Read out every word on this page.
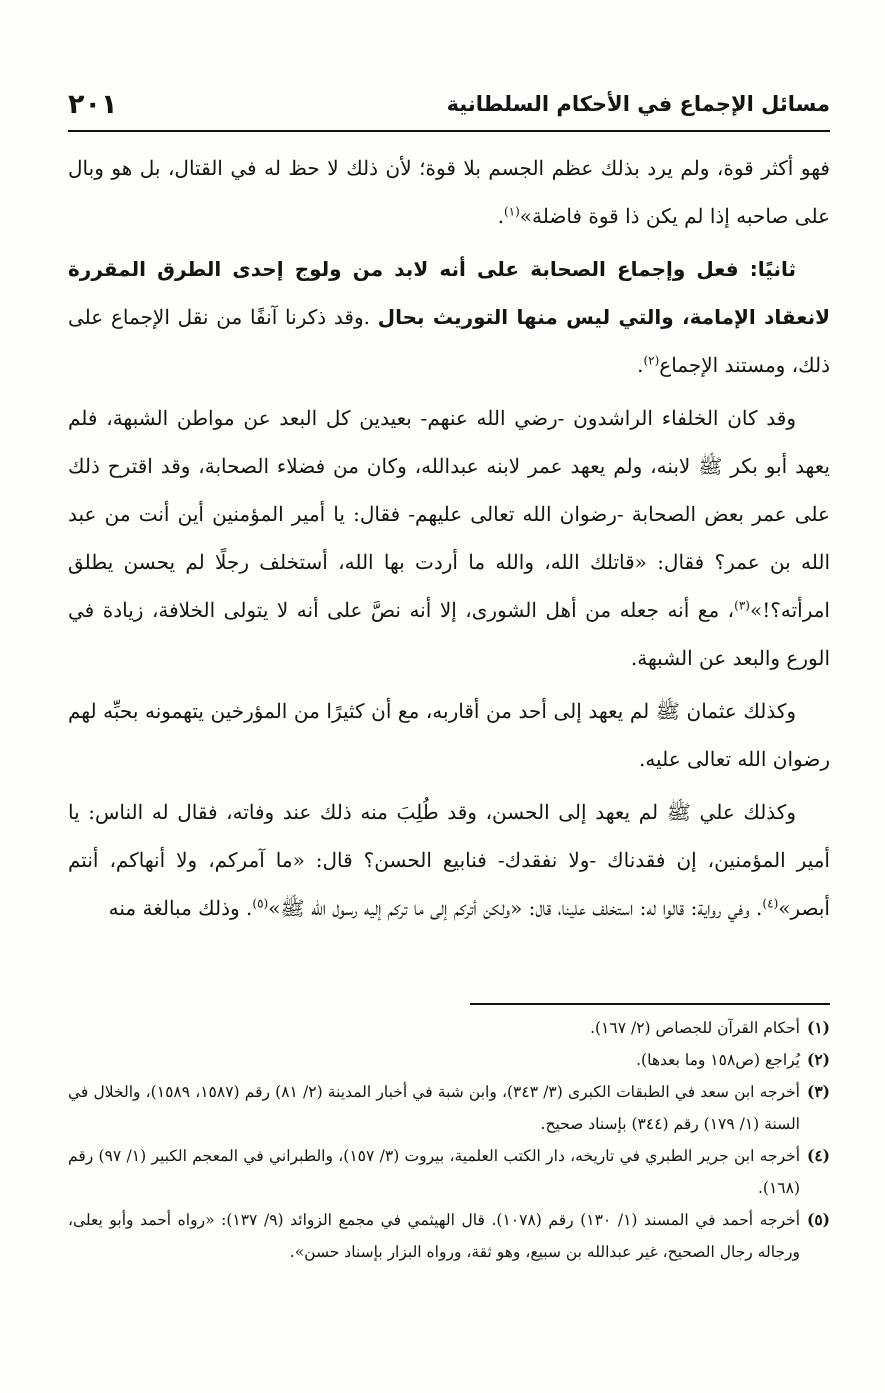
مسائل الإجماع في الأحكام السلطانية
٢٠١

فهو أكثر قوة، ولم يرد بذلك عظم الجسم بلا قوة؛ لأن ذلك لا حظ له في القتال، بل هو وبال على صاحبه إذا لم يكن ذا قوة فاضلة»$^{(١)}$.

ثانيًا: فعل وإجماع الصحابة على أنه لابد من ولوج إحدى الطرق المقررة لانعقاد الإمامة، والتي ليس منها التوريث بحال .وقد ذكرنا آنفًا من نقل الإجماع على ذلك، ومستند الإجماع$^{(٢)}$.

وقد كان الخلفاء الراشدون -رضي الله عنهم- بعيدين كل البعد عن مواطن الشبهة، فلم يعهد أبو بكر ﷺ لابنه، ولم يعهد عمر لابنه عبدالله، وكان من فضلاء الصحابة، وقد اقترح ذلك على عمر بعض الصحابة -رضوان الله تعالى عليهم- فقال: يا أمير المؤمنين أين أنت من عبد الله بن عمر؟ فقال: «قاتلك الله، والله ما أردت بها الله، أستخلف رجلًا لم يحسن يطلق امرأته؟!»$^{(٣)}$، مع أنه جعله من أهل الشورى، إلا أنه نصَّ على أنه لا يتولى الخلافة، زيادة في الورع والبعد عن الشبهة.

وكذلك عثمان ﷺ لم يعهد إلى أحد من أقاربه، مع أن كثيرًا من المؤرخين يتهمونه بحبِّه لهم رضوان الله تعالى عليه.

وكذلك علي ﷺ لم يعهد إلى الحسن، وقد طُلِبَ منه ذلك عند وفاته، فقال له الناس: يا أمير المؤمنين، إن فقدناك -ولا نفقدك- فنابيع الحسن؟ قال: «ما آمركم، ولا أنهاكم، أنتم أبصر»$^{(٤)}$. وفي رواية: قالوا له: استخلف علينا، قال: «ولكن أتركم إلى ما تركم إليه رسول الله ﷺ»$^{(٥)}$. وذلك مبالغة منه

(١)
أحكام القرآن للجصاص (٢/ ١٦٧).
(٢)
يُراجع (ص١٥٨ وما بعدها).
(٣)
أخرجه ابن سعد في الطبقات الكبرى (٣/ ٣٤٣)، وابن شبة في أخبار المدينة (٢/ ٨١) رقم (١٥٨٧، ١٥٨٩)، والخلال في السنة (١/ ١٧٩) رقم (٣٤٤) بإسناد صحيح.
(٤)
أخرجه ابن جرير الطبري في تاريخه، دار الكتب العلمية، بيروت (٣/ ١٥٧)، والطبراني في المعجم الكبير (١/ ٩٧) رقم (١٦٨).
(٥)
أخرجه أحمد في المسند (١/ ١٣٠) رقم (١٠٧٨). قال الهيثمي في مجمع الزوائد (٩/ ١٣٧): «رواه أحمد وأبو يعلى، ورجاله رجال الصحيح، غير عبدالله بن سبيع، وهو ثقة، ورواه البزار بإسناد حسن».
